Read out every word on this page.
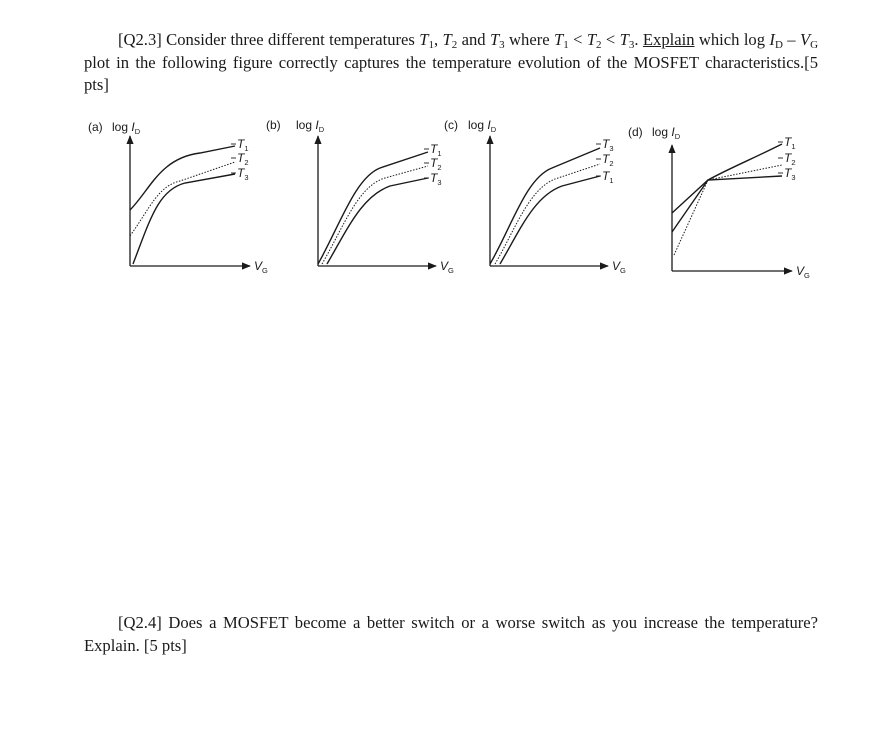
[Q2.3] Consider three different temperatures $T_1$, $T_2$ and $T_3$ where $T_1 < T_2 < T_3$. Explain which $\log I_D - V_G$ plot in the following figure correctly captures the temperature evolution of the MOSFET characteristics.[5 pts]
(a) $\log I_D$
$V_G$
$T_1$
$T_2$
$T_3$
(b) $\log I_D$
$V_G$
$T_1$
$T_2$
$T_3$
(c) $\log I_D$
$V_G$
$T_3$
$T_2$
$T_1$
(d) $\log I_D$
$V_G$
$T_1$
$T_2$
$T_3$
[Q2.4] Does a MOSFET become a better switch or a worse switch as you increase the temperature? Explain. [5 pts]
